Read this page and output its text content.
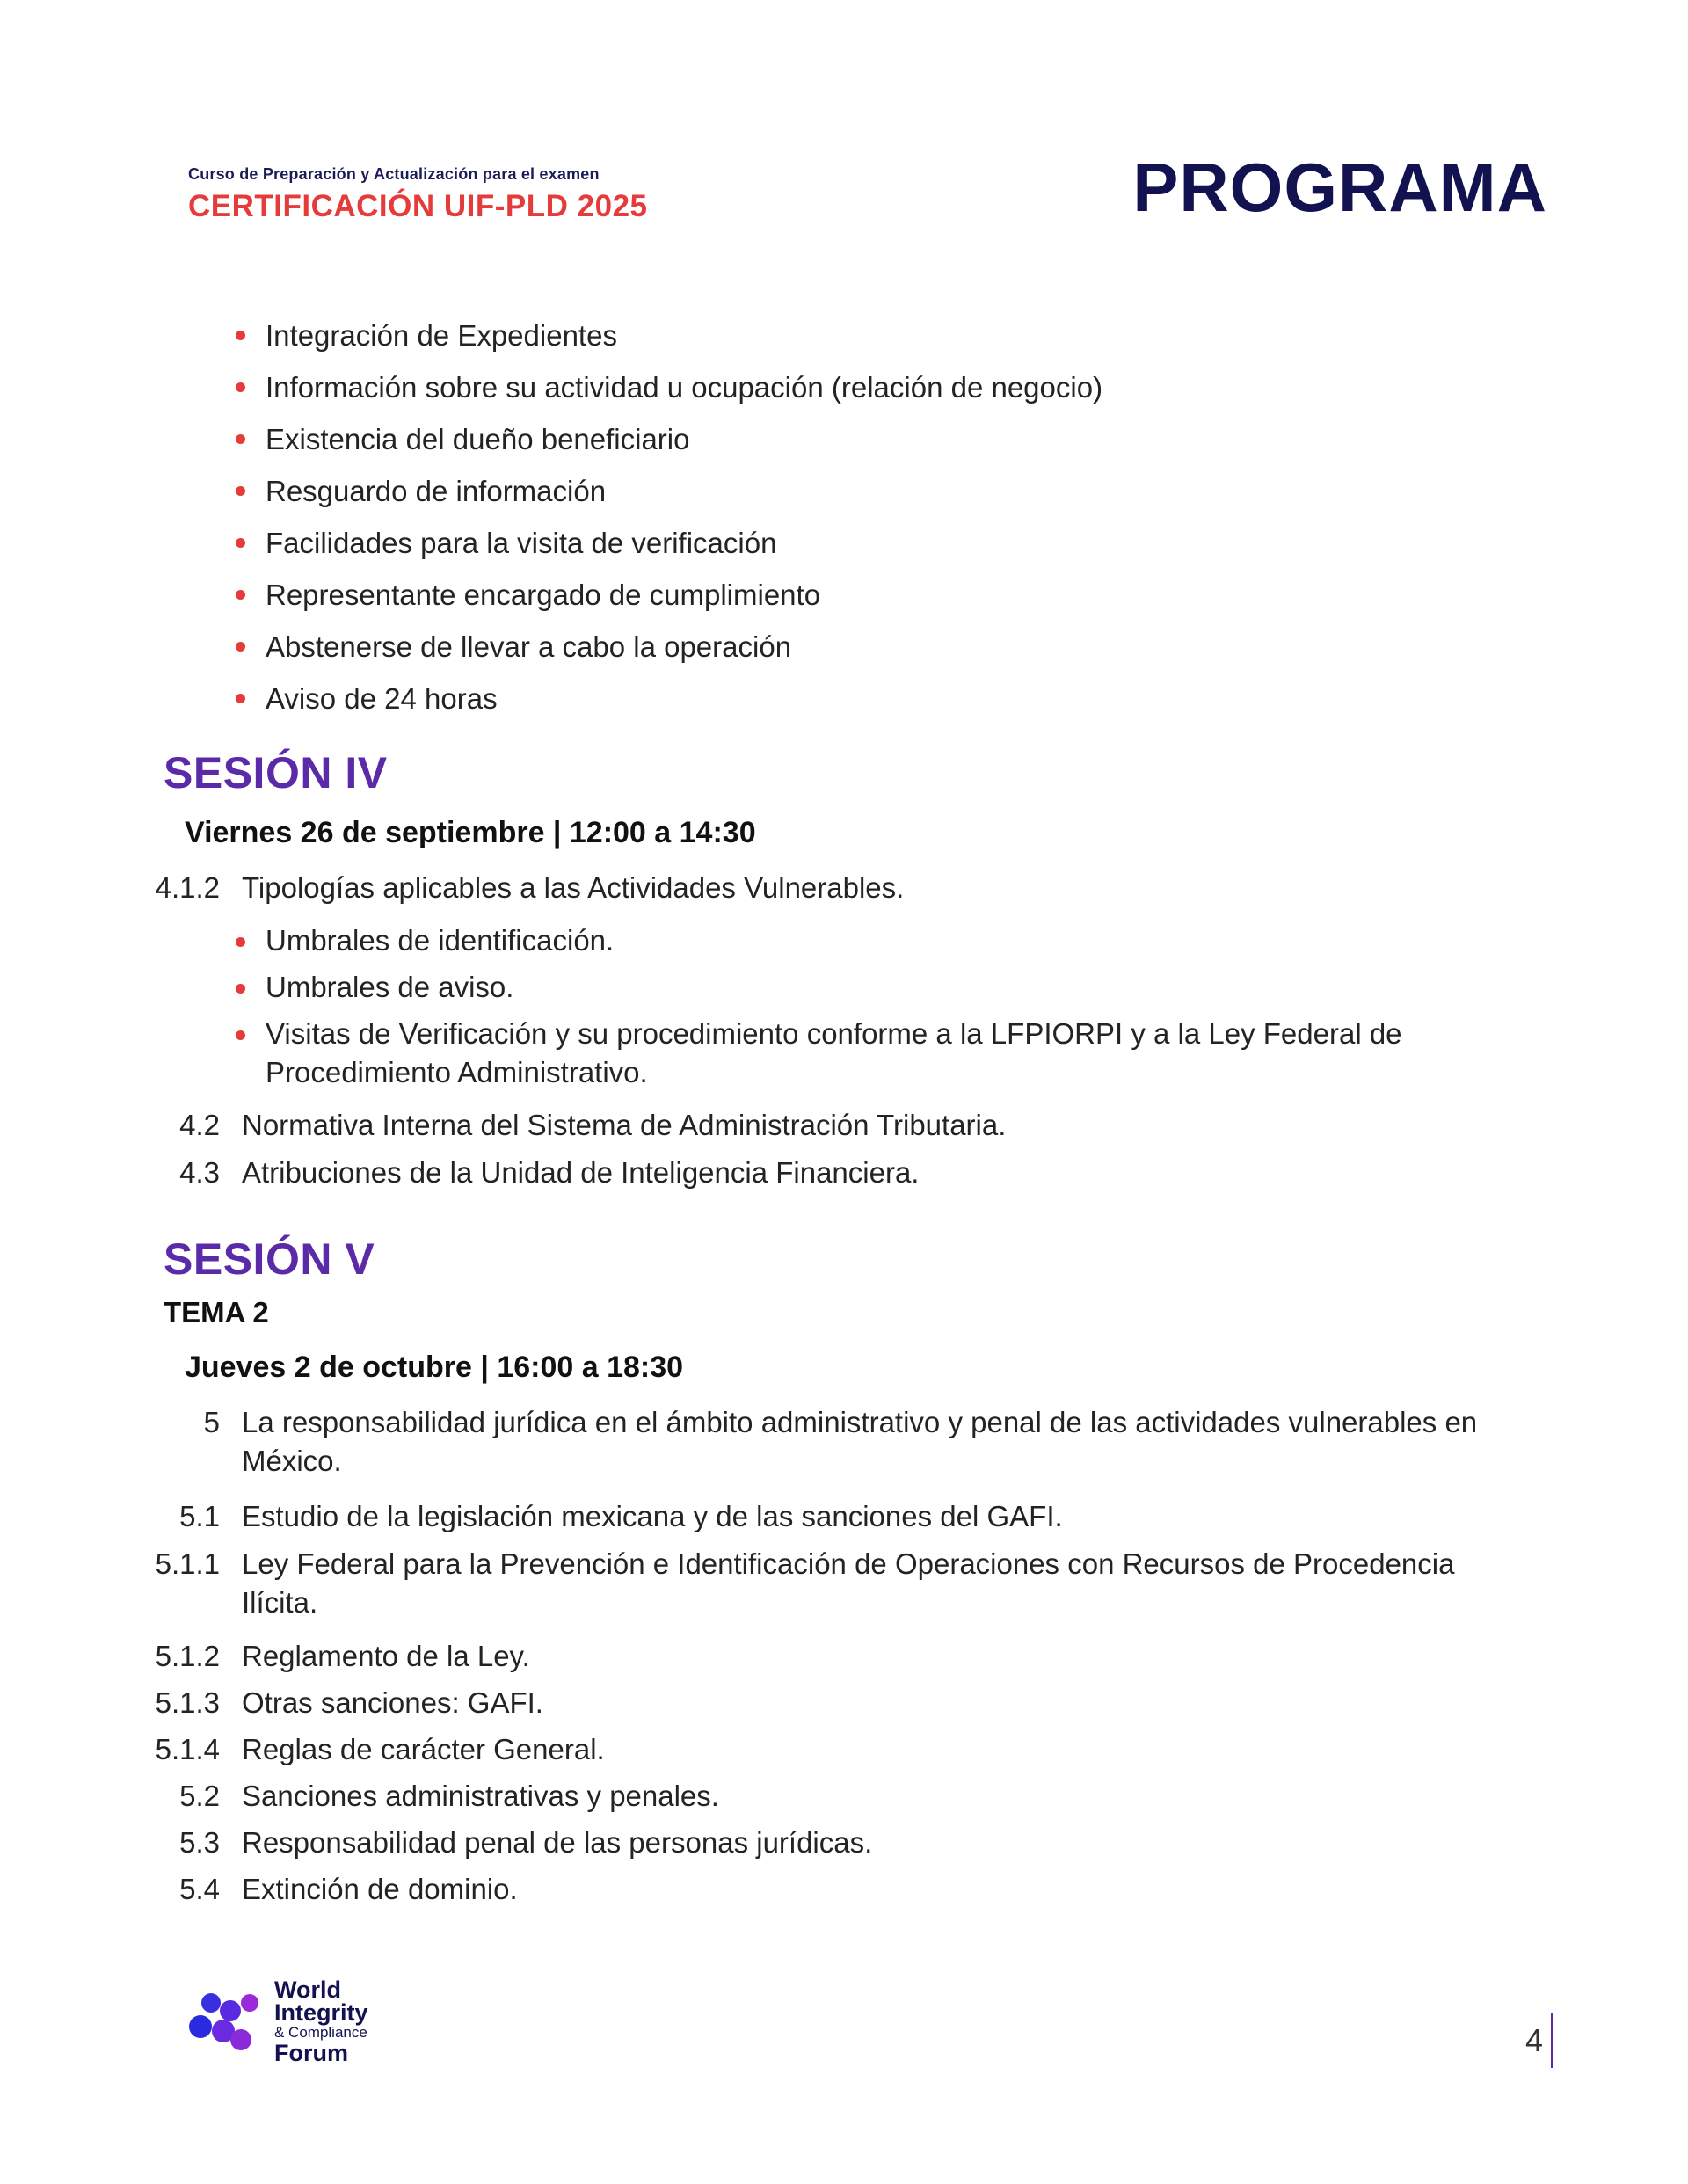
Curso de Preparación y Actualización para el examen
CERTIFICACIÓN UIF-PLD 2025	PROGRAMA
Integración de Expedientes
Información sobre su actividad u ocupación (relación de negocio)
Existencia del dueño beneficiario
Resguardo de información
Facilidades para la visita de verificación
Representante encargado de cumplimiento
Abstenerse de llevar a cabo la operación
Aviso de 24 horas
SESIÓN IV
Viernes 26 de septiembre | 12:00 a 14:30
4.1.2 Tipologías aplicables a las Actividades Vulnerables.
Umbrales de identificación.
Umbrales de aviso.
Visitas de Verificación y su procedimiento conforme a la LFPIORPI y a la Ley Federal de Procedimiento Administrativo.
4.2 Normativa Interna del Sistema de Administración Tributaria.
4.3 Atribuciones de la Unidad de Inteligencia Financiera.
SESIÓN V
TEMA 2
Jueves 2 de octubre | 16:00 a 18:30
5 La responsabilidad jurídica en el ámbito administrativo y penal de las actividades vulnerables en México.
5.1 Estudio de la legislación mexicana y de las sanciones del GAFI.
5.1.1 Ley Federal para la Prevención e Identificación de Operaciones con Recursos de Procedencia Ilícita.
5.1.2 Reglamento de la Ley.
5.1.3 Otras sanciones: GAFI.
5.1.4 Reglas de carácter General.
5.2 Sanciones administrativas y penales.
5.3 Responsabilidad penal de las personas jurídicas.
5.4 Extinción de dominio.
World
Integrity
& Compliance
Forum	4
